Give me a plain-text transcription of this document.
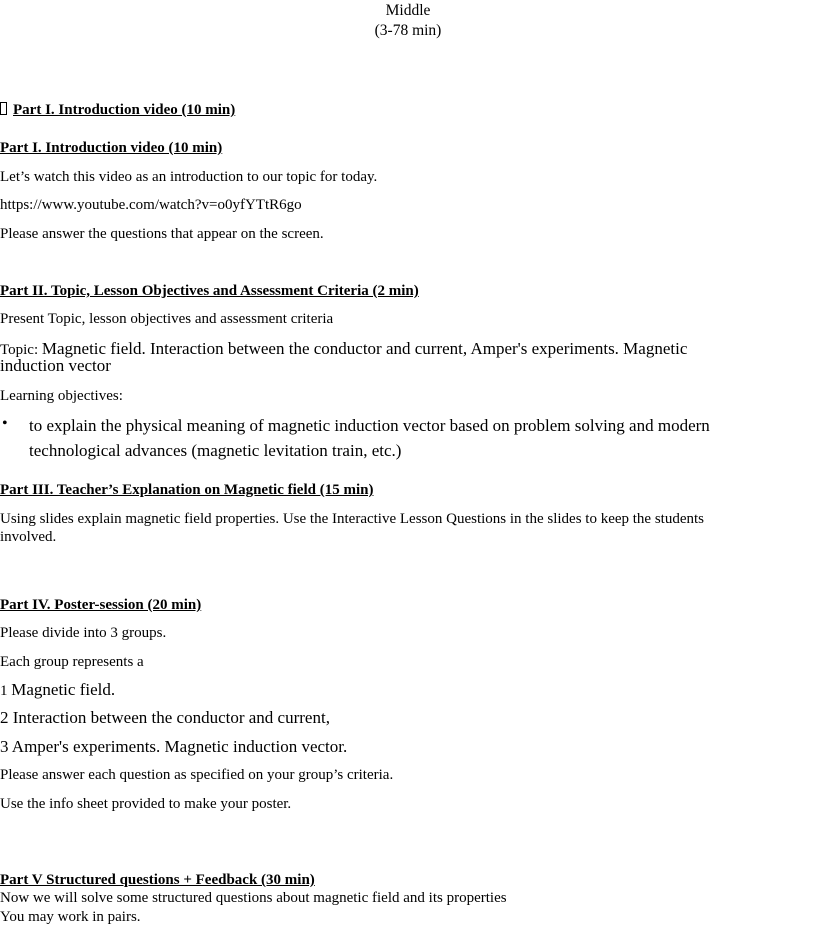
Middle
(3-78 min)
Part I. Introduction video (10 min)
Part I. Introduction video (10 min)
Let’s watch this video as an introduction to our topic for today.
https://www.youtube.com/watch?v=o0yfYTtR6go
Please answer the questions that appear on the screen.
Part II. Topic, Lesson Objectives and Assessment Criteria (2 min)
Present Topic, lesson objectives and assessment criteria
Topic: Magnetic field. Interaction between the conductor and current, Amper's experiments. Magnetic
induction vector
Learning objectives:
• to explain the physical meaning of magnetic induction vector based on problem solving and modern
technological advances (magnetic levitation train, etc.)
Part III. Teacher’s Explanation on Magnetic field (15 min)
Using slides explain magnetic field properties. Use the Interactive Lesson Questions in the slides to keep the students
involved.
Part IV. Poster-session (20 min)
Please divide into 3 groups.
Each group represents a
1 Magnetic field.
2 Interaction between the conductor and current,
3 Amper's experiments. Magnetic induction vector.
Please answer each question as specified on your group’s criteria.
Use the info sheet provided to make your poster.
Part V Structured questions + Feedback (30 min)
Now we will solve some structured questions about magnetic field and its properties
You may work in pairs.
